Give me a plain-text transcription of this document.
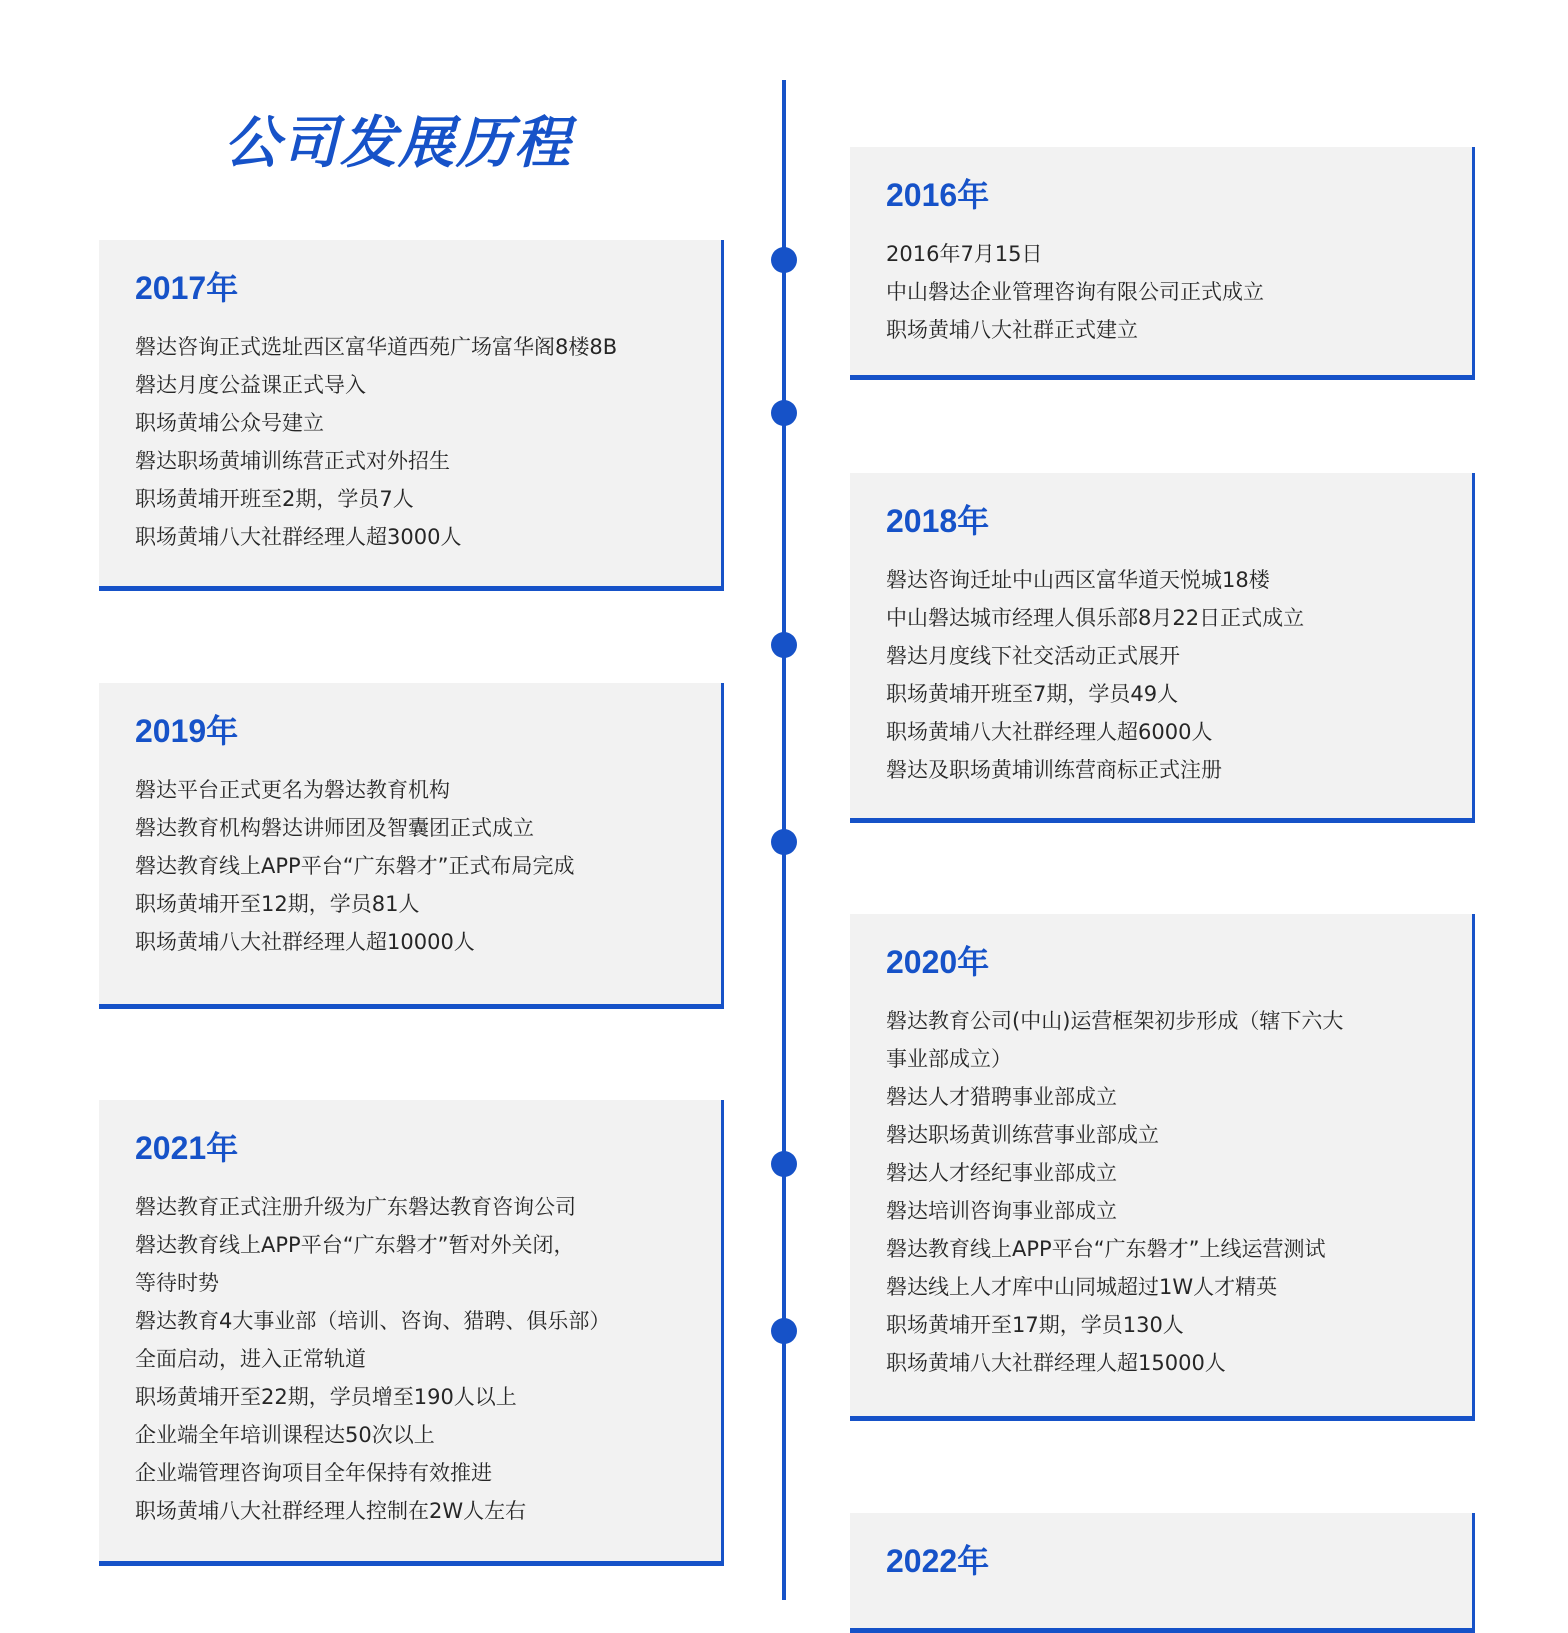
公司发展历程
2016年
2016年7月15日
中山磐达企业管理咨询有限公司正式成立
职场黄埔八大社群正式建立
2017年
磐达咨询正式选址西区富华道西苑广场富华阁8楼8B
磐达月度公益课正式导入
职场黄埔公众号建立
磐达职场黄埔训练营正式对外招生
职场黄埔开班至2期，学员7人
职场黄埔八大社群经理人超3000人	2018年
磐达咨询迁址中山西区富华道天悦城18楼
中山磐达城市经理人俱乐部8月22日正式成立
磐达月度线下社交活动正式展开
职场黄埔开班至7期，学员49人
职场黄埔八大社群经理人超6000人
磐达及职场黄埔训练营商标正式注册
2019年
磐达平台正式更名为磐达教育机构
磐达教育机构磐达讲师团及智囊团正式成立
磐达教育线上APP平台“广东磐才”正式布局完成
职场黄埔开至12期，学员81人
职场黄埔八大社群经理人超10000人
2020年
磐达教育公司(中山)运营框架初步形成（辖下六大
事业部成立）
磐达人才猎聘事业部成立
磐达职场黄训练营事业部成立
磐达人才经纪事业部成立
磐达培训咨询事业部成立
磐达教育线上APP平台“广东磐才”上线运营测试
磐达线上人才库中山同城超过1W人才精英
职场黄埔开至17期，学员130人
职场黄埔八大社群经理人超15000人
2021年
磐达教育正式注册升级为广东磐达教育咨询公司
磐达教育线上APP平台“广东磐才”暂对外关闭，
等待时势
磐达教育4大事业部（培训、咨询、猎聘、俱乐部）
全面启动，进入正常轨道
职场黄埔开至22期，学员增至190人以上
企业端全年培训课程达50次以上
企业端管理咨询项目全年保持有效推进
职场黄埔八大社群经理人控制在2W人左右
2022年
